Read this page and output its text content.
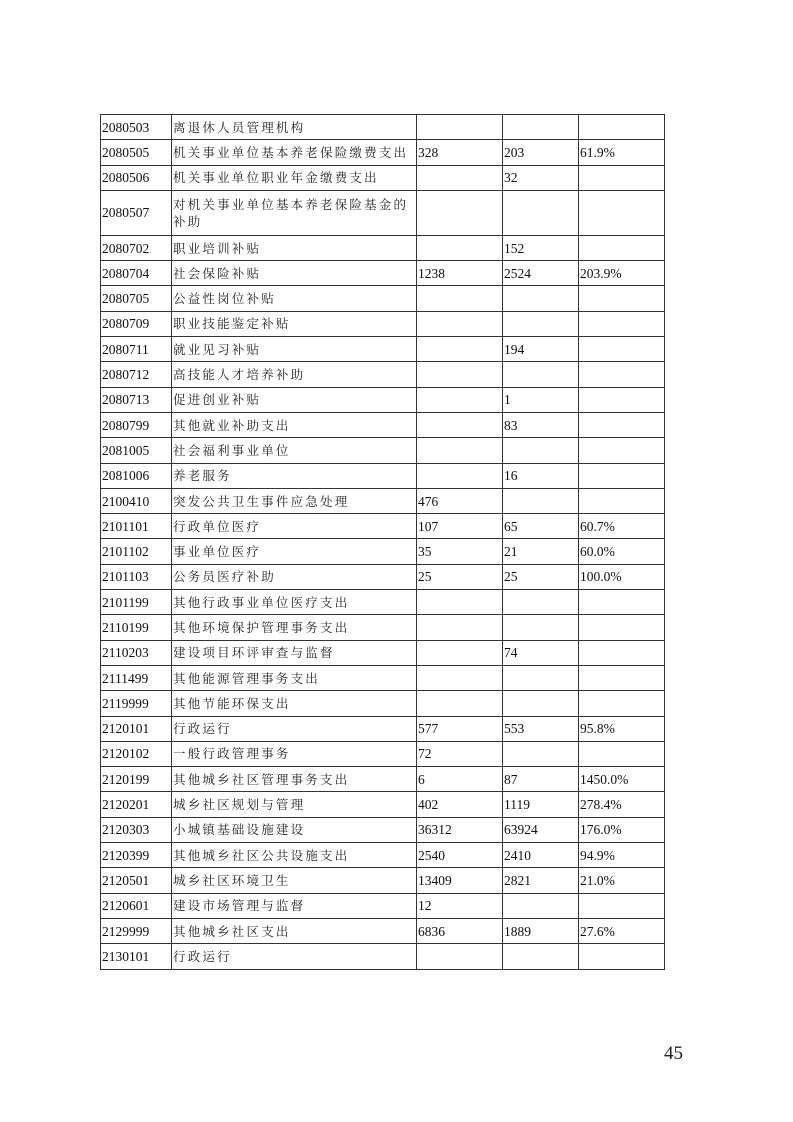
2080503	离退休人员管理机构			
2080505	机关事业单位基本养老保险缴费支出	328	203	61.9%
2080506	机关事业单位职业年金缴费支出		32	
2080507	对机关事业单位基本养老保险基金的补助			
2080702	职业培训补贴		152	
2080704	社会保险补贴	1238	2524	203.9%
2080705	公益性岗位补贴			
2080709	职业技能鉴定补贴			
2080711	就业见习补贴		194	
2080712	高技能人才培养补助			
2080713	促进创业补贴		1	
2080799	其他就业补助支出		83	
2081005	社会福利事业单位			
2081006	养老服务		16	
2100410	突发公共卫生事件应急处理	476		
2101101	行政单位医疗	107	65	60.7%
2101102	事业单位医疗	35	21	60.0%
2101103	公务员医疗补助	25	25	100.0%
2101199	其他行政事业单位医疗支出			
2110199	其他环境保护管理事务支出			
2110203	建设项目环评审查与监督		74	
2111499	其他能源管理事务支出			
2119999	其他节能环保支出			
2120101	行政运行	577	553	95.8%
2120102	一般行政管理事务	72		
2120199	其他城乡社区管理事务支出	6	87	1450.0%
2120201	城乡社区规划与管理	402	1119	278.4%
2120303	小城镇基础设施建设	36312	63924	176.0%
2120399	其他城乡社区公共设施支出	2540	2410	94.9%
2120501	城乡社区环境卫生	13409	2821	21.0%
2120601	建设市场管理与监督	12		
2129999	其他城乡社区支出	6836	1889	27.6%
2130101	行政运行			
45
